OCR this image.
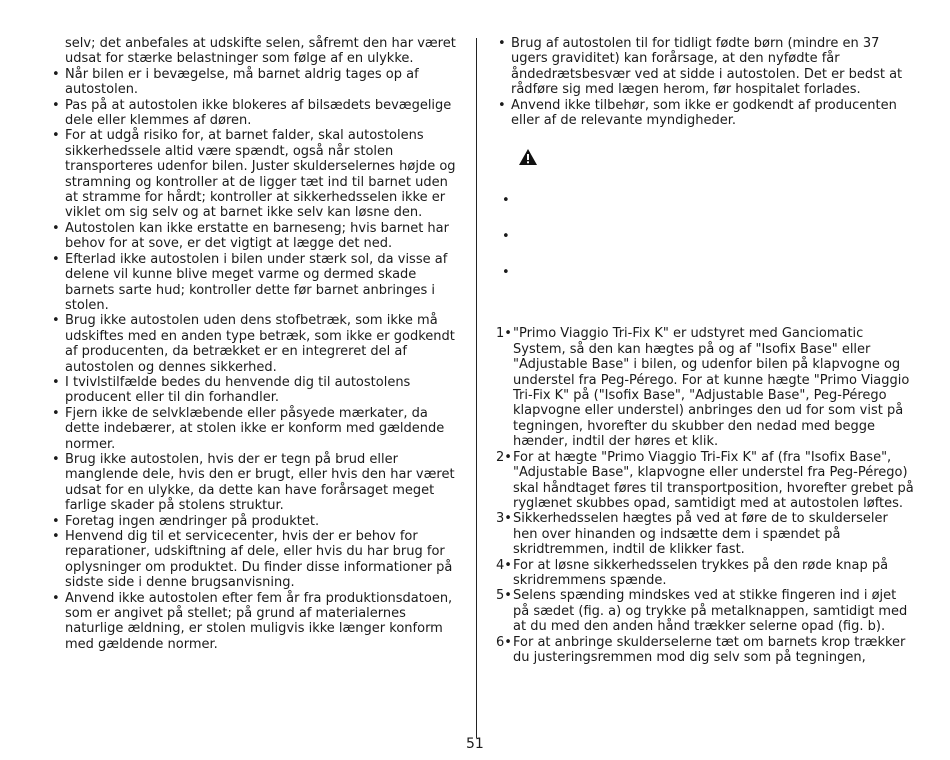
selv; det anbefales at udskifte selen, såfremt den har været udsat for stærke belastninger som følge af en ulykke.

• Når bilen er i bevægelse, må barnet aldrig tages op af autostolen.
• Pas på at autostolen ikke blokeres af bilsædets bevægelige dele eller klemmes af døren.
• For at udgå risiko for, at barnet falder, skal autostolens sikkerhedssele altid være spændt, også når stolen transporteres udenfor bilen. Juster skulderselernes højde og stramning og kontroller at de ligger tæt ind til barnet uden at stramme for hårdt; kontroller at sikkerhedsselen ikke er viklet om sig selv og at barnet ikke selv kan løsne den.
• Autostolen kan ikke erstatte en barneseng; hvis barnet har behov for at sove, er det vigtigt at lægge det ned.
• Efterlad ikke autostolen i bilen under stærk sol, da visse af delene vil kunne blive meget varme og dermed skade barnets sarte hud; kontroller dette før barnet anbringes i stolen.
• Brug ikke autostolen uden dens stofbetræk, som ikke må udskiftes med en anden type betræk, som ikke er godkendt af producenten, da betrækket er en integreret del af autostolen og dennes sikkerhed.
• I tvivlstilfælde bedes du henvende dig til autostolens producent eller til din forhandler.
• Fjern ikke de selvklæbende eller påsyede mærkater, da dette indebærer, at stolen ikke er konform med gældende normer.
• Brug ikke autostolen, hvis der er tegn på brud eller manglende dele, hvis den er brugt, eller hvis den har været udsat for en ulykke, da dette kan have forårsaget meget farlige skader på stolens struktur.
• Foretag ingen ændringer på produktet.
• Henvend dig til et servicecenter, hvis der er behov for reparationer, udskiftning af dele, eller hvis du har brug for oplysninger om produktet. Du finder disse informationer på sidste side i denne brugsanvisning.
• Anvend ikke autostolen efter fem år fra produktionsdatoen, som er angivet på stellet; på grund af materialernes naturlige ældning, er stolen muligvis ikke længer konform med gældende normer.
• Brug af autostolen til for tidligt fødte børn (mindre en 37 ugers graviditet) kan forårsage, at den nyfødte får åndedrætsbesvær ved at sidde i autostolen. Det er bedst at rådføre sig med lægen herom, før hospitalet forlades.
• Anvend ikke tilbehør, som ikke er godkendt af producenten eller af de relevante myndigheder.
•
•
•
1• "Primo Viaggio Tri-Fix K" er udstyret med Ganciomatic System, så den kan hægtes på og af "Isofix Base" eller "Adjustable Base" i bilen, og udenfor bilen på klapvogne og understel fra Peg-Pérego. For at kunne hægte "Primo Viaggio Tri-Fix K" på ("Isofix Base", "Adjustable Base", Peg-Pérego klapvogne eller understel) anbringes den ud for som vist på tegningen, hvorefter du skubber den nedad med begge hænder, indtil der høres et klik.
2• For at hægte "Primo Viaggio Tri-Fix K" af (fra "Isofix Base", "Adjustable Base", klapvogne eller understel fra Peg-Pérego) skal håndtaget føres til transportposition, hvorefter grebet på ryglænet skubbes opad, samtidigt med at autostolen løftes.
3• Sikkerhedsselen hægtes på ved at føre de to skulderseler hen over hinanden og indsætte dem i spændet på skridtremmen, indtil de klikker fast.
4• For at løsne sikkerhedsselen trykkes på den røde knap på skridremmens spænde.
5• Selens spænding mindskes ved at stikke fingeren ind i øjet på sædet (fig. a) og trykke på metalknappen, samtidigt med at du med den anden hånd trækker selerne opad (fig. b).
6• For at anbringe skulderselerne tæt om barnets krop trækker du justeringsremmen mod dig selv som på tegningen,
51
